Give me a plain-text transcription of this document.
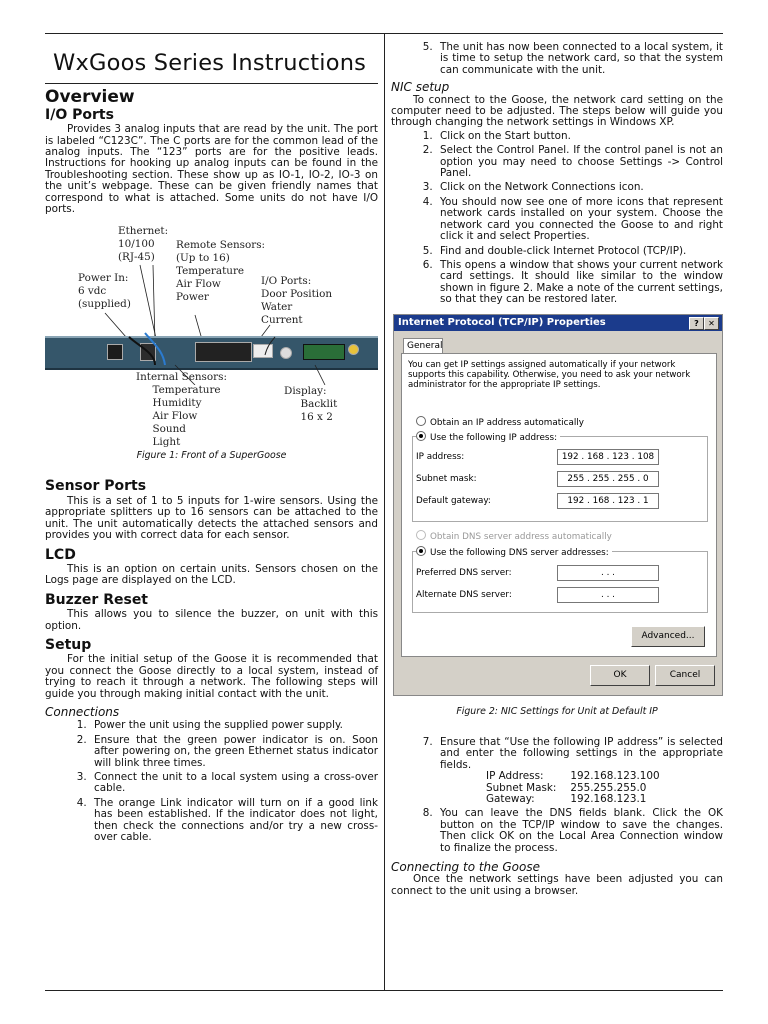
WxGoos Series Instructions
Overview
I/O Ports

Provides 3 analog inputs that are read by the unit. The port is labeled “C123C”. The C ports are for the common lead of the analog inputs. The “123” ports are for the positive leads. Instructions for hooking up analog inputs can be found in the Troubleshooting section. These show up as IO-1, IO-2, IO-3 on the unit’s webpage. These can be given friendly names that correspond to what is attached. Some units do not have I/O ports.

Ethernet:
10/100
(RJ-45)
Remote Sensors:
(Up to 16)
Temperature
Air Flow
Power
Power In:
6 vdc
(supplied)
I/O Ports:
Door Position
Water
Current
Internal Sensors:
Temperature
Humidity
Air Flow
Sound
Light
Display:
Backlit
16 x 2
Figure 1: Front of a SuperGoose
Sensor Ports

This is a set of 1 to 5 inputs for 1-wire sensors. Using the appropriate splitters up to 16 sensors can be attached to the unit. The unit automatically detects the attached sensors and provides you with correct data for each sensor.

LCD

This is an option on certain units. Sensors chosen on the Logs page are displayed on the LCD.

Buzzer Reset

This allows you to silence the buzzer, on unit with this option.

Setup

For the initial setup of the Goose it is recommended that you connect the Goose directly to a local system, instead of trying to reach it through a network. The following steps will guide you through making initial contact with the unit.

Connections
1. Power the unit using the supplied power supply.
2. Ensure that the green power indicator is on. Soon after powering on, the green Ethernet status indicator will blink three times.
3. Connect the unit to a local system using a cross-over cable.
4. The orange Link indicator will turn on if a good link has been established. If the indicator does not light, then check the connections and/or try a new cross-over cable.
5. The unit has now been connected to a local system, it is time to setup the network card, so that the system can communicate with the unit.
NIC setup

To connect to the Goose, the network card setting on the computer need to be adjusted. The steps below will guide you through changing the network settings in Windows XP.

1. Click on the Start button.
2. Select the Control Panel. If the control panel is not an option you may need to choose Settings -> Control Panel.
3. Click on the Network Connections icon.
4. You should now see one of more icons that represent network cards installed on your system. Choose the network card you connected the Goose to and right click it and select Properties.
5. Find and double-click Internet Protocol (TCP/IP).
6. This opens a window that shows your current network card settings. It should like similar to the window shown in figure 2. Make a note of the current settings, so that they can be restored later.
Internet Protocol (TCP/IP) Properties	?	✕
General
You can get IP settings assigned automatically if your network supports this capability. Otherwise, you need to ask your network administrator for the appropriate IP settings.
Obtain an IP address automatically
Use the following IP address:
IP address:	192 . 168 . 123 . 108
Subnet mask:	255 . 255 . 255 . 0
Default gateway:	192 . 168 . 123 . 1
Obtain DNS server address automatically
Use the following DNS server addresses:
Preferred DNS server:	. . .
Alternate DNS server:	. . .
Advanced...
OK	Cancel
Figure 2: NIC Settings for Unit at Default IP
7. Ensure that “Use the following IP address” is selected and enter the following settings in the appropriate fields.
IP Address:	192.168.123.100
Subnet Mask:	255.255.255.0
Gateway:	192.168.123.1
8. You can leave the DNS fields blank. Click the OK button on the TCP/IP window to save the changes. Then click OK on the Local Area Connection window to finalize the process.
Connecting to the Goose

Once the network settings have been adjusted you can connect to the unit using a browser.
